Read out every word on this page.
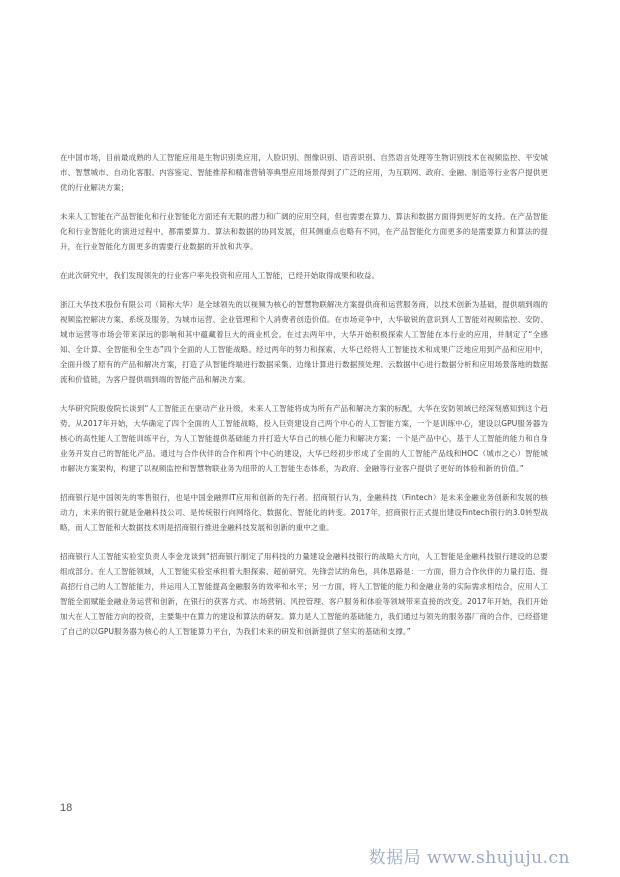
在中国市场，目前最成熟的人工智能应用是生物识别类应用，人脸识别、图像识别、语音识别、自然语言处理等生物识别技术在视频监控、平安城市、智慧城市、自动化客服、内容鉴定、智能推荐和精准营销等典型应用场景得到了广泛的应用，为互联网、政府、金融、制造等行业客户提供更优的行业解决方案；

未来人工智能在产品智能化和行业智能化方面还有无限的潜力和广阔的应用空间，但也需要在算力、算法和数据方面得到更好的支持。在产品智能化和行业智能化的演进过程中，都需要算力、算法和数据的协同发展，但其侧重点也略有不同，在产品智能化方面更多的是需要算力和算法的提升，在行业智能化方面更多的需要行业数据的开放和共享。

在此次研究中，我们发现领先的行业客户率先投资和应用人工智能，已经开始取得成果和收益。

浙江大华技术股份有限公司（简称大华）是全球领先的以视频为核心的智慧物联解决方案提供商和运营服务商，以技术创新为基础，提供端到端的视频监控解决方案、系统及服务，为城市运营、企业管理和个人消费者创造价值。在市场竞争中，大华敏锐的意识到人工智能对视频监控、安防、城市运营等市场会带来深远的影响和其中蕴藏着巨大的商业机会。在过去两年中，大华开始积极探索人工智能在本行业的应用，并制定了“全感知、全计算、全智能和全生态”四个全面的人工智能战略。经过两年的努力和探索，大华已经将人工智能技术和成果广泛地应用到产品和应用中，全面升级了原有的产品和解决方案，打造了从智能终端进行数据采集、边缘计算进行数据预处理、云数据中心进行数据分析和应用场景落地的数据流和价值链，为客户提供端到端的智能产品和解决方案。

大华研究院殷俊院长谈到“人工智能正在驱动产业升级，未来人工智能将成为所有产品和解决方案的标配，大华在安防领域已经深刻感知到这个趋势。从2017年开始，大华确定了四个全面的人工智能战略，投入巨资建设自己两个中心的人工智能方案，一个是训练中心，建设以GPU服务器为核心的高性能人工智能训练平台，为人工智能提供基础能力并打造大华自己的核心能力和解决方案；一个是产品中心，基于人工智能的能力和自身业务开发自己的智能化产品。通过与合作伙伴的合作和两个中心的建设，大华已经初步形成了全面的人工智能产品线和HOC（城市之心）智能城市解决方案架构，构建了以视频监控和智慧物联业务为纽带的人工智能生态体系，为政府、金融等行业客户提供了更好的体验和新的价值。”

招商银行是中国领先的零售银行，也是中国金融界IT应用和创新的先行者。招商银行认为，金融科技（Fintech）是未来金融业务创新和发展的核动力，未来的银行就是金融科技公司、是传统银行向网络化、数据化、智能化的转变。2017年，招商银行正式提出建设Fintech银行的3.0转型战略，而人工智能和大数据技术则是招商银行推进金融科技发展和创新的重中之重。

招商银行人工智能实验室负责人李金龙谈到“招商银行制定了用科技的力量建设金融科技银行的战略大方向，人工智能是金融科技银行建设的总要组成部分。在人工智能领域，人工智能实验室承担着大胆探索、超前研究、先锋尝试的角色，具体思路是：一方面，借力合作伙伴的力量打造、提高招行自己的人工智能能力，并运用人工智能提高金融服务的效率和水平；另一方面，将人工智能的能力和金融业务的实际需求相结合，应用人工智能全面赋能金融业务运营和创新，在银行的获客方式、市场营销、风控管理、客户服务和体验等领域带来直接的改变。2017年开始，我们开始加大在人工智能方向的投资，主要集中在算力的建设和算法的研发。算力是人工智能的基础能力，我们通过与领先的服务器厂商的合作，已经搭建了自己的以GPU服务器为核心的人工智能算力平台，为我们未来的研发和创新提供了坚实的基础和支撑。”

18
数据局 www.shujuju.cn
